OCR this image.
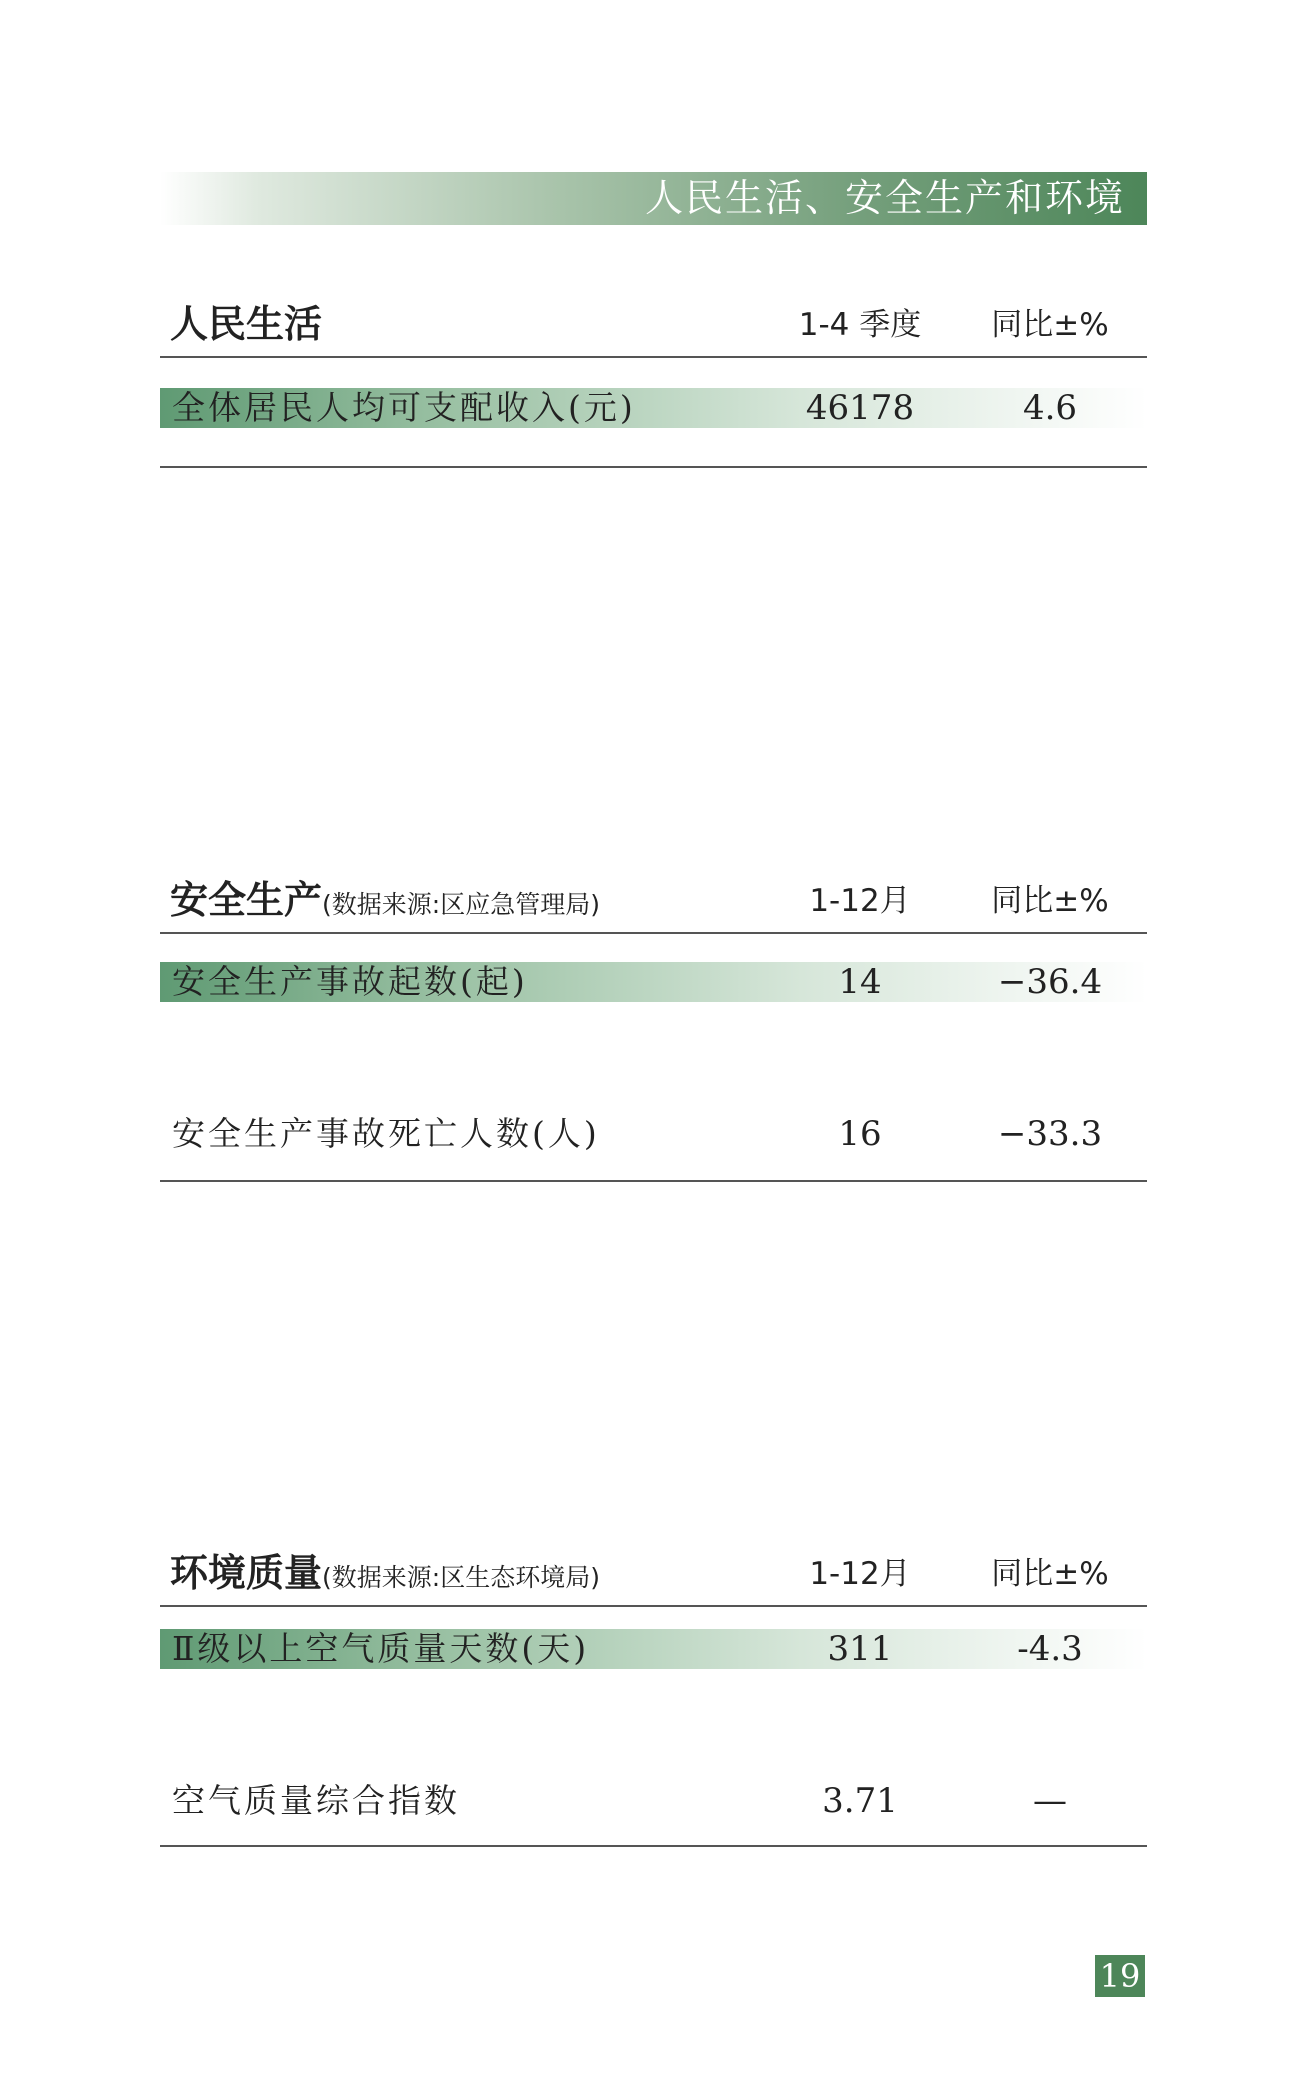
人民生活、安全生产和环境
人民生活	1-4 季度 同比±%
全体居民人均可支配收入(元)	46178	4.6
安全生产(数据来源:区应急管理局)	1-12月	同比±%
安全生产事故起数(起)	14	−36.4
安全生产事故死亡人数(人)	16	−33.3
环境质量(数据来源:区生态环境局)	1-12月	同比±%
Ⅱ级以上空气质量天数(天)	311	-4.3
空气质量综合指数	3.71	—
19
